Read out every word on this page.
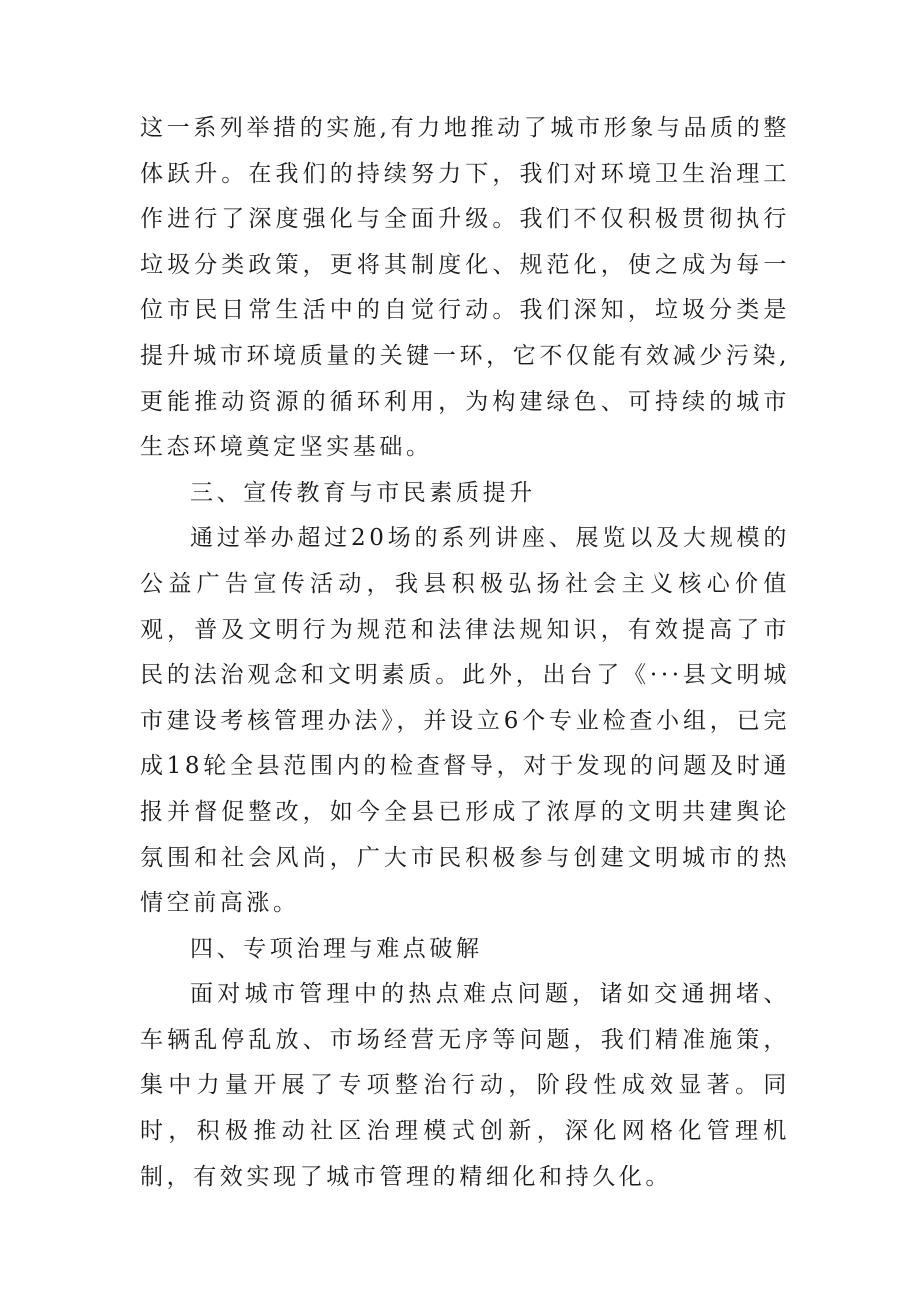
这一系列举措的实施,有力地推动了城市形象与品质的整体跃升。在我们的持续努力下，我们对环境卫生治理工作进行了深度强化与全面升级。我们不仅积极贯彻执行垃圾分类政策，更将其制度化、规范化，使之成为每一位市民日常生活中的自觉行动。我们深知，垃圾分类是提升城市环境质量的关键一环，它不仅能有效减少污染,更能推动资源的循环利用，为构建绿色、可持续的城市生态环境奠定坚实基础。

三、宣传教育与市民素质提升

通过举办超过20场的系列讲座、展览以及大规模的公益广告宣传活动，我县积极弘扬社会主义核心价值观，普及文明行为规范和法律法规知识，有效提高了市民的法治观念和文明素质。此外，出台了《···县文明城市建设考核管理办法》，并设立6个专业检查小组，已完成18轮全县范围内的检查督导，对于发现的问题及时通报并督促整改，如今全县已形成了浓厚的文明共建舆论氛围和社会风尚，广大市民积极参与创建文明城市的热情空前高涨。

四、专项治理与难点破解

面对城市管理中的热点难点问题，诸如交通拥堵、车辆乱停乱放、市场经营无序等问题，我们精准施策，集中力量开展了专项整治行动，阶段性成效显著。同时，积极推动社区治理模式创新，深化网格化管理机制，有效实现了城市管理的精细化和持久化。
